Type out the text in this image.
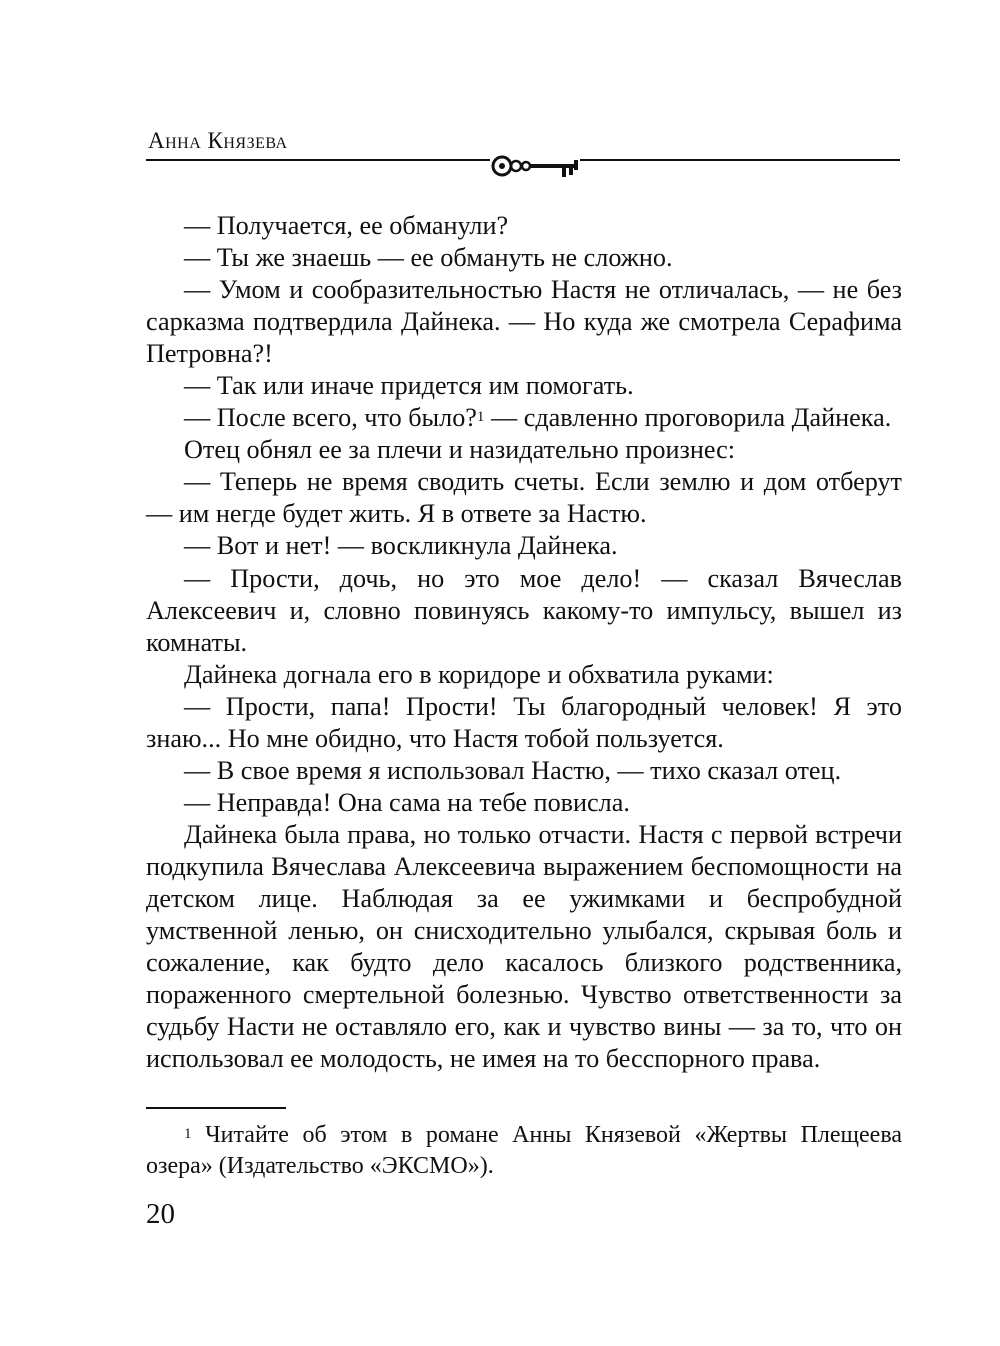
Анна Князева

— Получается, ее обманули?

— Ты же знаешь — ее обмануть не сложно.

— Умом и сообразительностью Настя не отличалась, — не без сарказма подтвердила Дайнека. — Но куда же смотрела Серафима Петровна?!

— Так или иначе придется им помогать.

— После всего, что было?$^1$ — сдавленно проговорила Дайнека.

Отец обнял ее за плечи и назидательно произнес:

— Теперь не время сводить счеты. Если землю и дом отберут — им негде будет жить. Я в ответе за Настю.

— Вот и нет! — воскликнула Дайнека.

— Прости, дочь, но это мое дело! — сказал Вячеслав Алексеевич и, словно повинуясь какому-то импульсу, вышел из комнаты.

Дайнека догнала его в коридоре и обхватила руками:

— Прости, папа! Прости! Ты благородный человек! Я это знаю... Но мне обидно, что Настя тобой пользуется.

— В свое время я использовал Настю, — тихо сказал отец.

— Неправда! Она сама на тебе повисла.

Дайнека была права, но только отчасти. Настя с первой встречи подкупила Вячеслава Алексеевича выражением беспомощности на детском лице. Наблюдая за ее ужимками и беспробудной умственной ленью, он снисходительно улыбался, скрывая боль и сожаление, как будто дело касалось близкого родственника, пораженного смертельной болезнью. Чувство ответственности за судьбу Насти не оставляло его, как и чувство вины — за то, что он использовал ее молодость, не имея на то бесспорного права.

$^1$ Читайте об этом в романе Анны Князевой «Жертвы Плещеева озера» (Издательство «ЭКСМО»).

20
